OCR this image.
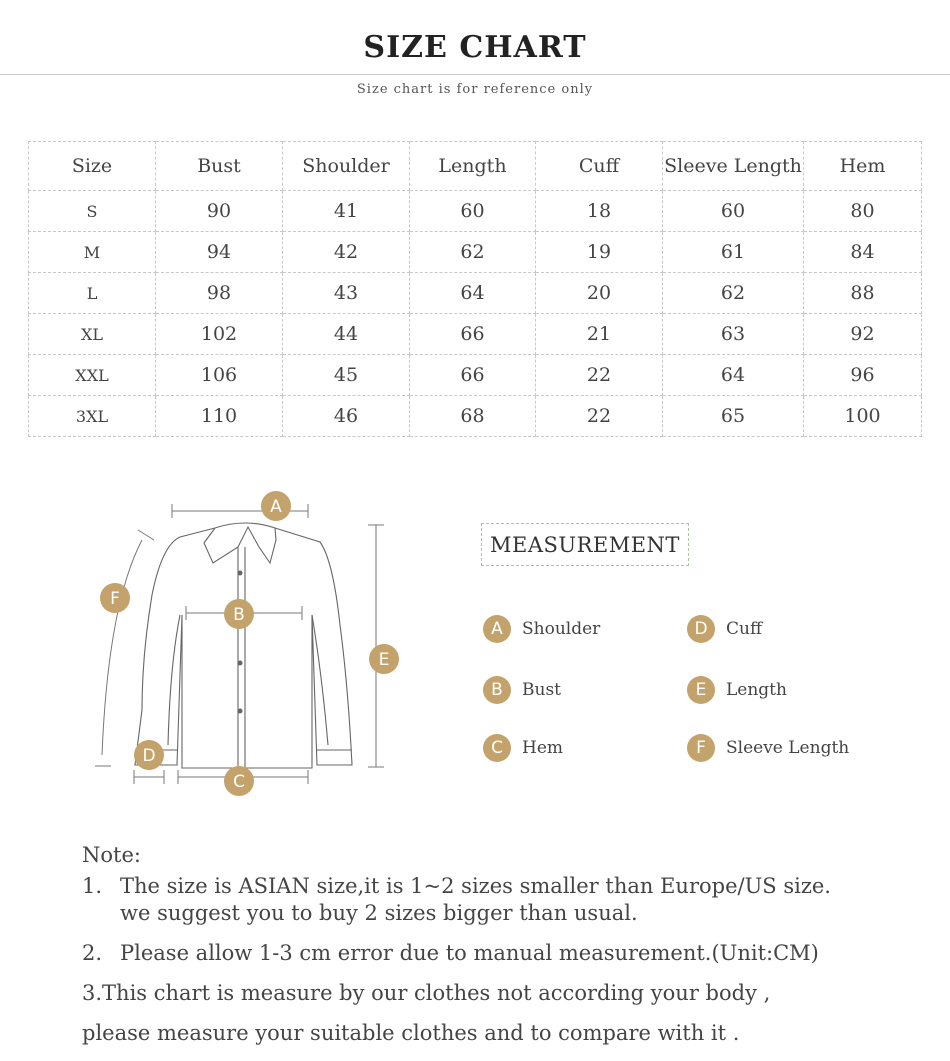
SIZE CHART
Size chart is for reference only
Size	Bust	Shoulder	Length	Cuff	Sleeve Length	Hem
S	90	41	60	18	60	80
M	94	42	62	19	61	84
L	98	43	64	20	62	88
XL	102	44	66	21	63	92
XXL	106	45	66	22	64	96
3XL	110	46	68	22	65	100
A
B
C
D
E
F
MEASUREMENT
A	Shoulder
B	Bust
C	Hem
D	Cuff
E	Length
F	Sleeve Length
Note:
1. The size is ASIAN size,it is 1~2 sizes smaller than Europe/US size.
we suggest you to buy 2 sizes bigger than usual.
2. Please allow 1-3 cm error due to manual measurement.(Unit:CM)
3.This chart is measure by our clothes not according your body ,
please measure your suitable clothes and to compare with it .
